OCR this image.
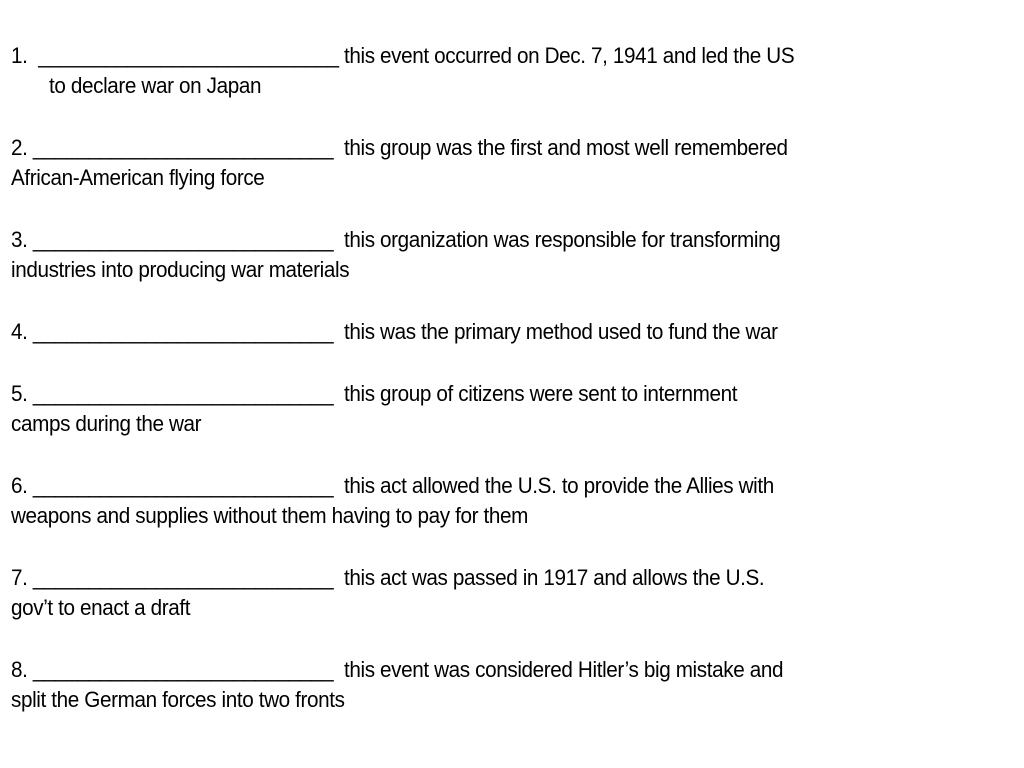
1.  ___________________________ this event occurred on Dec. 7, 1941 and led the US
to declare war on Japan
2. ___________________________  this group was the first and most well remembered
African-American flying force
3. ___________________________  this organization was responsible for transforming
industries into producing war materials
4. ___________________________  this was the primary method used to fund the war
5. ___________________________  this group of citizens were sent to internment
camps during the war
6. ___________________________  this act allowed the U.S. to provide the Allies with
weapons and supplies without them having to pay for them
7. ___________________________  this act was passed in 1917 and allows the U.S.
gov’t to enact a draft
8. ___________________________  this event was considered Hitler’s big mistake and
split the German forces into two fronts
